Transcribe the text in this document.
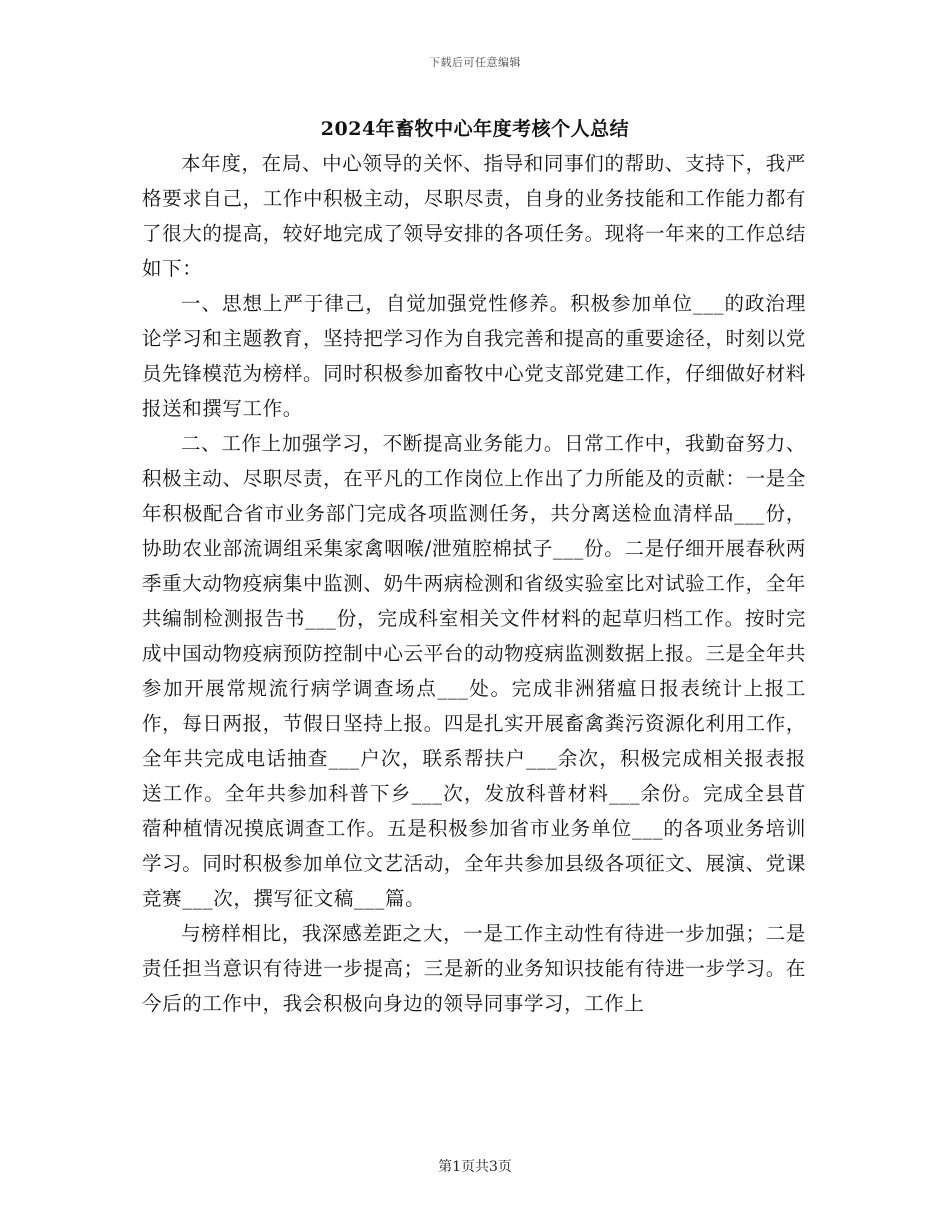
下载后可任意编辑
2024年畜牧中心年度考核个人总结

本年度，在局、中心领导的关怀、指导和同事们的帮助、支持下，我严格要求自己，工作中积极主动，尽职尽责，自身的业务技能和工作能力都有了很大的提高，较好地完成了领导安排的各项任务。现将一年来的工作总结如下：

一、思想上严于律己，自觉加强党性修养。积极参加单位___的政治理论学习和主题教育，坚持把学习作为自我完善和提高的重要途径，时刻以党员先锋模范为榜样。同时积极参加畜牧中心党支部党建工作，仔细做好材料报送和撰写工作。

二、工作上加强学习，不断提高业务能力。日常工作中，我勤奋努力、积极主动、尽职尽责，在平凡的工作岗位上作出了力所能及的贡献：一是全年积极配合省市业务部门完成各项监测任务，共分离送检血清样品___份，协助农业部流调组采集家禽咽喉/泄殖腔棉拭子___份。二是仔细开展春秋两季重大动物疫病集中监测、奶牛两病检测和省级实验室比对试验工作，全年共编制检测报告书___份，完成科室相关文件材料的起草归档工作。按时完成中国动物疫病预防控制中心云平台的动物疫病监测数据上报。三是全年共参加开展常规流行病学调查场点___处。完成非洲猪瘟日报表统计上报工作，每日两报，节假日坚持上报。四是扎实开展畜禽粪污资源化利用工作，全年共完成电话抽查___户次，联系帮扶户___余次，积极完成相关报表报送工作。全年共参加科普下乡___次，发放科普材料___余份。完成全县苜蓿种植情况摸底调查工作。五是积极参加省市业务单位___的各项业务培训学习。同时积极参加单位文艺活动，全年共参加县级各项征文、展演、党课竞赛___次，撰写征文稿___篇。

与榜样相比，我深感差距之大，一是工作主动性有待进一步加强；二是责任担当意识有待进一步提高；三是新的业务知识技能有待进一步学习。在今后的工作中，我会积极向身边的领导同事学习，工作上

第1页共3页
